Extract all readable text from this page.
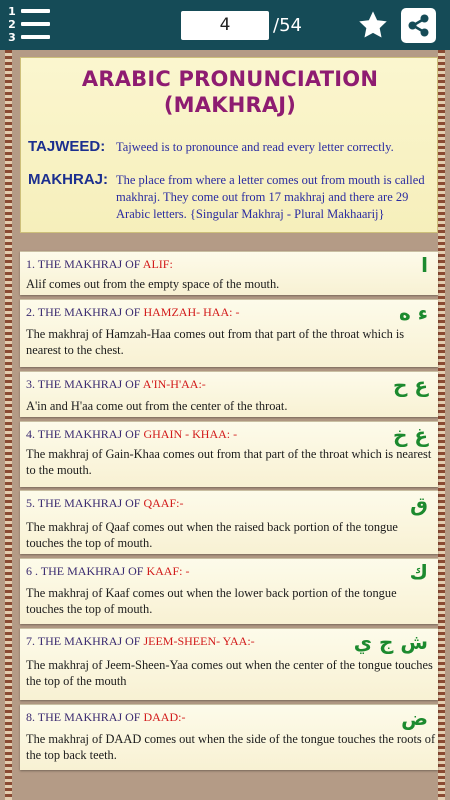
1
2
3
4	/54
ARABIC PRONUNCIATION
(MAKHRAJ)
TAJWEED: Tajweed is to pronounce and read every letter correctly.
MAKHRAJ: The place from where a letter comes out from mouth is called makhraj. They come out from 17 makhraj and there are 29 Arabic letters. {Singular Makhraj - Plural Makhaarij}
1. THE MAKHRAJ OF ALIF:	ا
Alif comes out from the empty space of the mouth.
2. THE MAKHRAJ OF HAMZAH- HAA: -	ء ه
The makhraj of Hamzah-Haa comes out from that part of the throat which is nearest to the chest.
3. THE MAKHRAJ OF A'IN-H'AA:-	ع ح
A'in and H'aa come out from the center of the throat.
4. THE MAKHRAJ OF GHAIN - KHAA: -	غ خ
The makhraj of Gain-Khaa comes out from that part of the throat which is nearest to the mouth.
5. THE MAKHRAJ OF QAAF:-	ق
The makhraj of Qaaf comes out when the raised back portion of the tongue touches the top of mouth.
6 . THE MAKHRAJ OF KAAF: -	ك
The makhraj of Kaaf comes out when the lower back portion of the tongue touches the top of mouth.
7. THE MAKHRAJ OF JEEM-SHEEN- YAA:-	ش ج ي
The makhraj of Jeem-Sheen-Yaa comes out when the center of the tongue touches the top of the mouth
8. THE MAKHRAJ OF DAAD:-	ض
The makhraj of DAAD comes out when the side of the tongue touches the roots of the top back teeth.
